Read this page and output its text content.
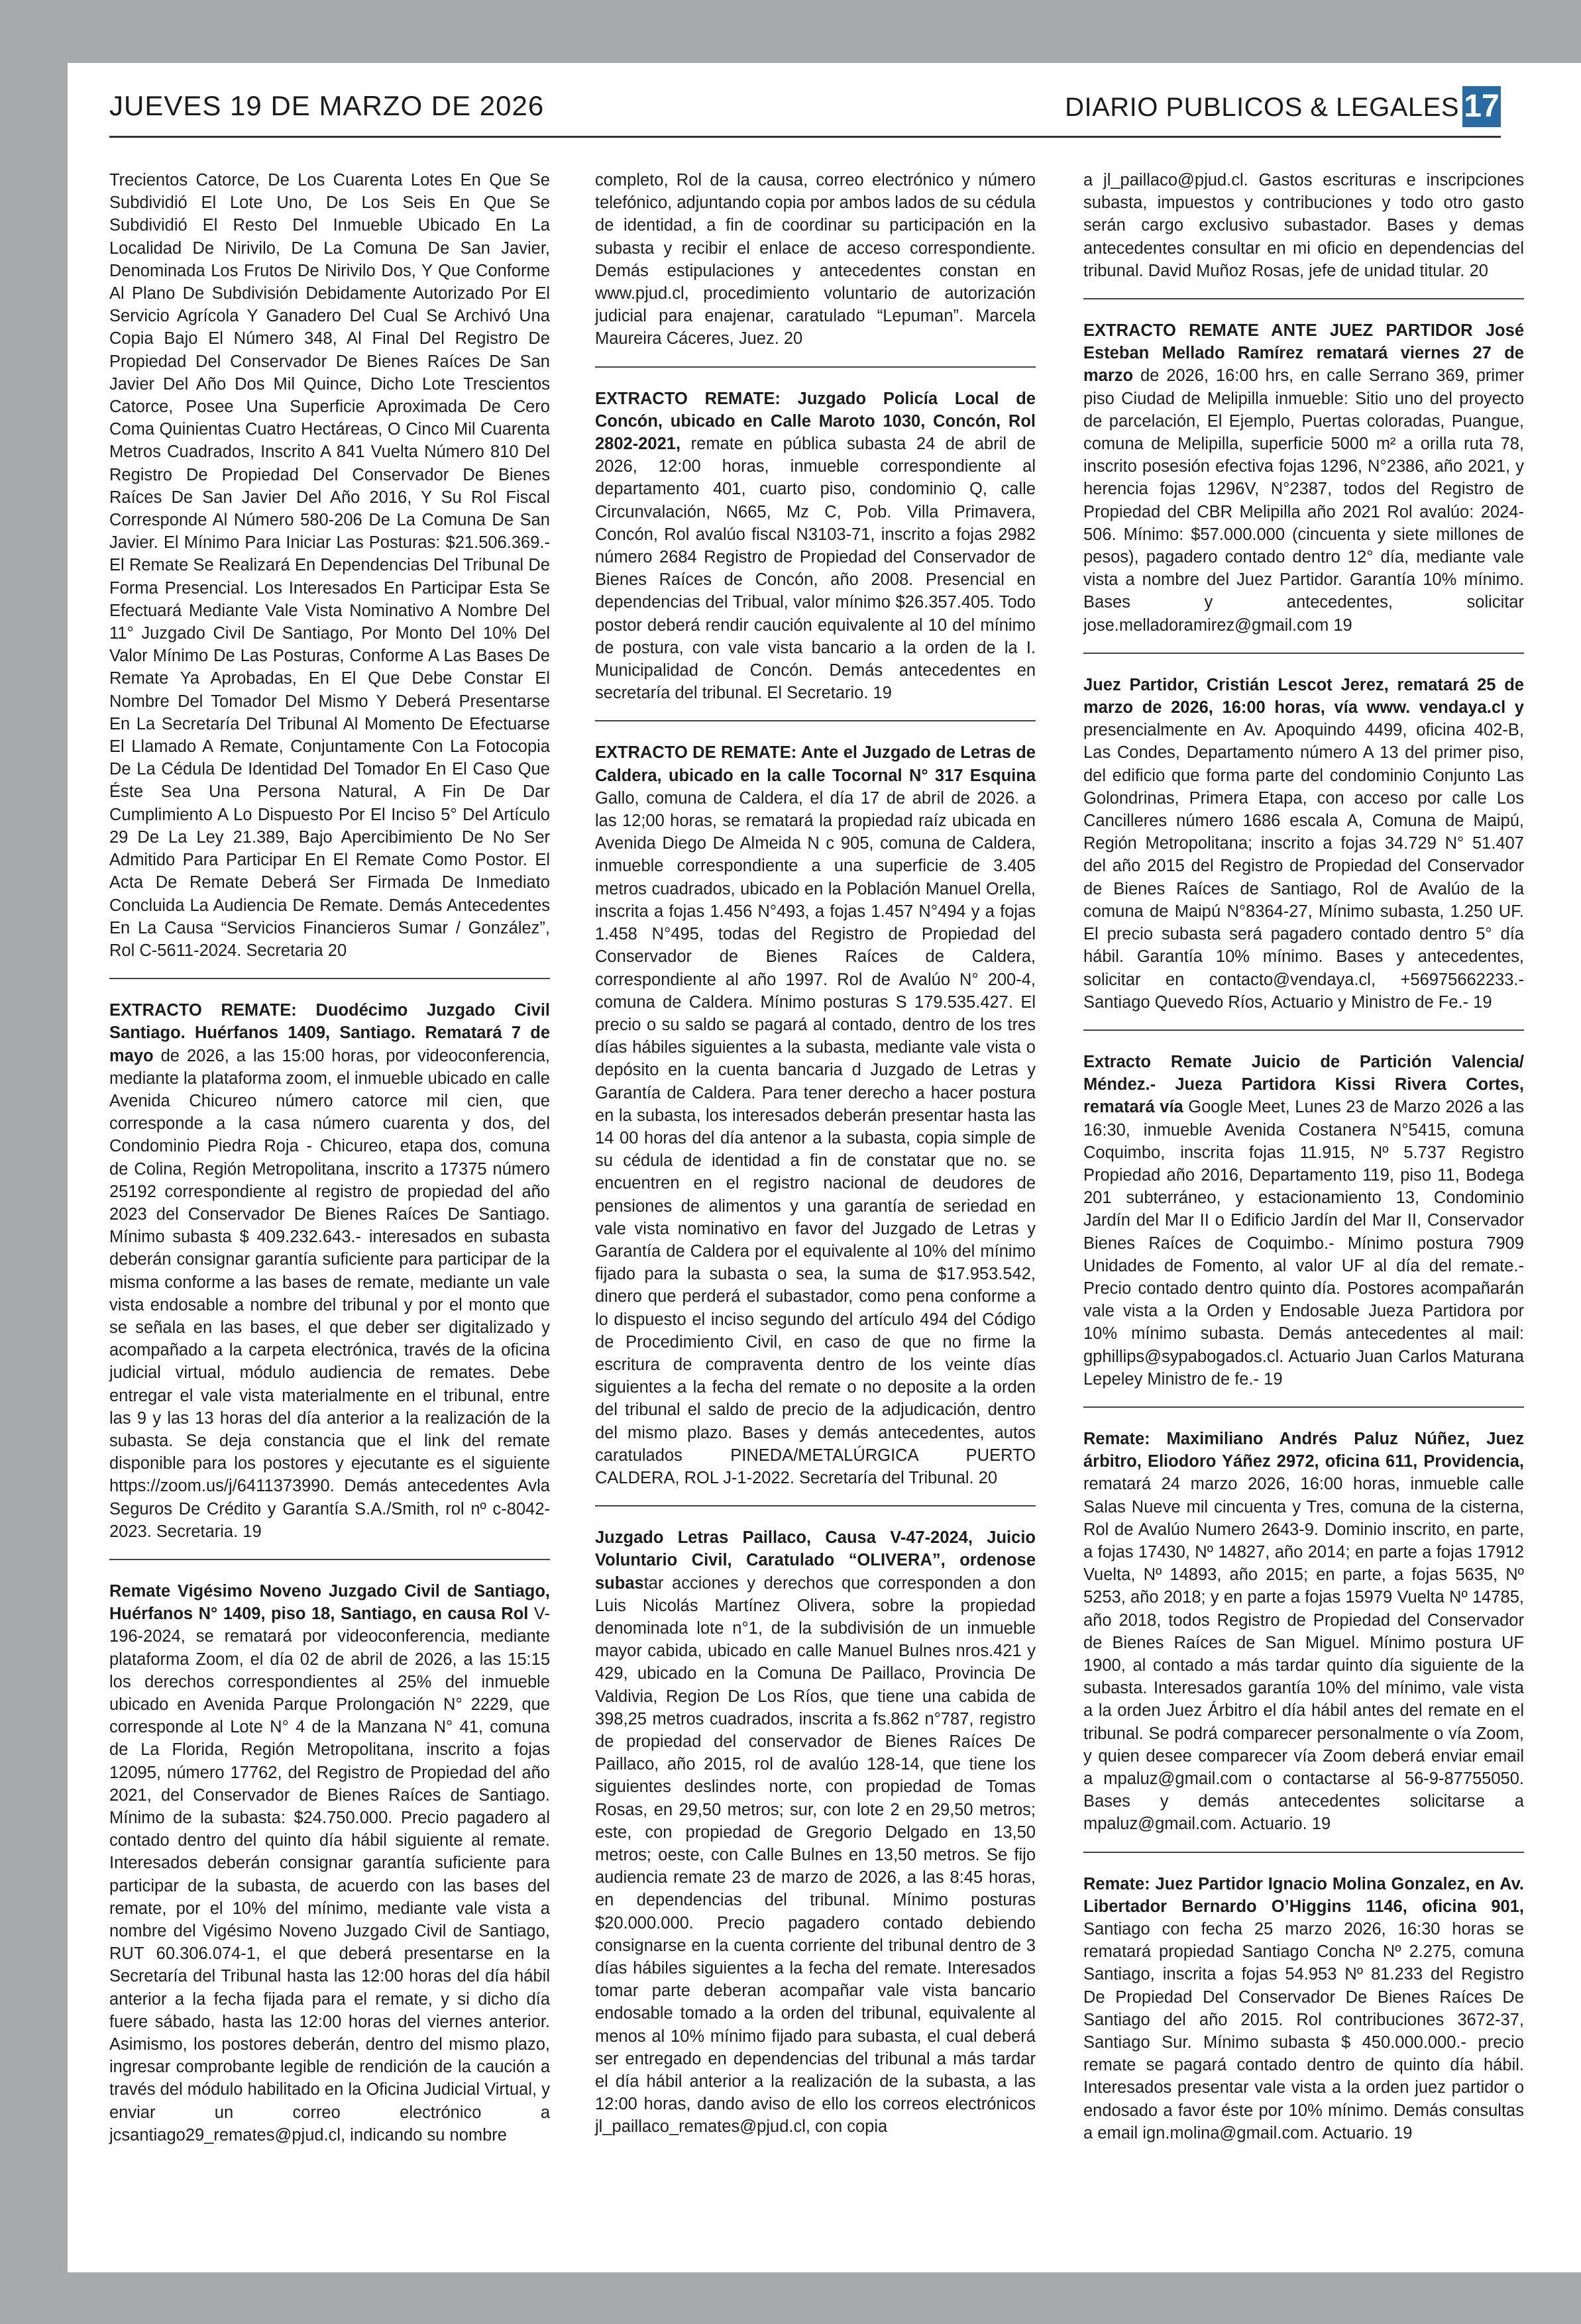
JUEVES 19 DE MARZO DE 2026	DIARIO PUBLICOS & LEGALES 17

Trecientos Catorce, De Los Cuarenta Lotes En Que Se Subdividió El Lote Uno, De Los Seis En Que Se Subdividió El Resto Del Inmueble Ubicado En La Localidad De Nirivilo, De La Comuna De San Javier, Denominada Los Frutos De Nirivilo Dos, Y Que Conforme Al Plano De Subdivisión Debidamente Autorizado Por El Servicio Agrícola Y Ganadero Del Cual Se Archivó Una Copia Bajo El Número 348, Al Final Del Registro De Propiedad Del Conservador De Bienes Raíces De San Javier Del Año Dos Mil Quince, Dicho Lote Trescientos Catorce, Posee Una Superficie Aproximada De Cero Coma Quinientas Cuatro Hectáreas, O Cinco Mil Cuarenta Metros Cuadrados, Inscrito A 841 Vuelta Número 810 Del Registro De Propiedad Del Conservador De Bienes Raíces De San Javier Del Año 2016, Y Su Rol Fiscal Corresponde Al Número 580-206 De La Comuna De San Javier. El Mínimo Para Iniciar Las Posturas: $21.506.369.- El Remate Se Realizará En Dependencias Del Tribunal De Forma Presencial. Los Interesados En Participar Esta Se Efectuará Mediante Vale Vista Nominativo A Nombre Del 11° Juzgado Civil De Santiago, Por Monto Del 10% Del Valor Mínimo De Las Posturas, Conforme A Las Bases De Remate Ya Aprobadas, En El Que Debe Constar El Nombre Del Tomador Del Mismo Y Deberá Presentarse En La Secretaría Del Tribunal Al Momento De Efectuarse El Llamado A Remate, Conjuntamente Con La Fotocopia De La Cédula De Identidad Del Tomador En El Caso Que Éste Sea Una Persona Natural, A Fin De Dar Cumplimiento A Lo Dispuesto Por El Inciso 5° Del Artículo 29 De La Ley 21.389, Bajo Apercibimiento De No Ser Admitido Para Participar En El Remate Como Postor. El Acta De Remate Deberá Ser Firmada De Inmediato Concluida La Audiencia De Remate. Demás Antecedentes En La Causa “Servicios Financieros Sumar / González”, Rol C-5611-2024. Secretaria 20

EXTRACTO REMATE: Duodécimo Juzgado Civil Santiago. Huérfanos 1409, Santiago. Rematará 7 de mayo de 2026, a las 15:00 horas, por videoconferencia, mediante la plataforma zoom, el inmueble ubicado en calle Avenida Chicureo número catorce mil cien, que corresponde a la casa número cuarenta y dos, del Condominio Piedra Roja - Chicureo, etapa dos, comuna de Colina, Región Metropolitana, inscrito a 17375 número 25192 correspondiente al registro de propiedad del año 2023 del Conservador De Bienes Raíces De Santiago. Mínimo subasta $ 409.232.643.- interesados en subasta deberán consignar garantía suficiente para participar de la misma conforme a las bases de remate, mediante un vale vista endosable a nombre del tribunal y por el monto que se señala en las bases, el que deber ser digitalizado y acompañado a la carpeta electrónica, través de la oficina judicial virtual, módulo audiencia de remates. Debe entregar el vale vista materialmente en el tribunal, entre las 9 y las 13 horas del día anterior a la realización de la subasta. Se deja constancia que el link del remate disponible para los postores y ejecutante es el siguiente https://zoom.us/j/6411373990. Demás antecedentes Avla Seguros De Crédito y Garantía S.A./Smith, rol nº c-8042-2023. Secretaria. 19

Remate Vigésimo Noveno Juzgado Civil de Santiago, Huérfanos N° 1409, piso 18, Santiago, en causa Rol V-196-2024, se rematará por videoconferencia, mediante plataforma Zoom, el día 02 de abril de 2026, a las 15:15 los derechos correspondientes al 25% del inmueble ubicado en Avenida Parque Prolongación N° 2229, que corresponde al Lote N° 4 de la Manzana N° 41, comuna de La Florida, Región Metropolitana, inscrito a fojas 12095, número 17762, del Registro de Propiedad del año 2021, del Conservador de Bienes Raíces de Santiago. Mínimo de la subasta: $24.750.000. Precio pagadero al contado dentro del quinto día hábil siguiente al remate. Interesados deberán consignar garantía suficiente para participar de la subasta, de acuerdo con las bases del remate, por el 10% del mínimo, mediante vale vista a nombre del Vigésimo Noveno Juzgado Civil de Santiago, RUT 60.306.074-1, el que deberá presentarse en la Secretaría del Tribunal hasta las 12:00 horas del día hábil anterior a la fecha fijada para el remate, y si dicho día fuere sábado, hasta las 12:00 horas del viernes anterior. Asimismo, los postores deberán, dentro del mismo plazo, ingresar comprobante legible de rendición de la caución a través del módulo habilitado en la Oficina Judicial Virtual, y enviar un correo electrónico a jcsantiago29_remates@pjud.cl, indicando su nombre

completo, Rol de la causa, correo electrónico y número telefónico, adjuntando copia por ambos lados de su cédula de identidad, a fin de coordinar su participación en la subasta y recibir el enlace de acceso correspondiente. Demás estipulaciones y antecedentes constan en www.pjud.cl, procedimiento voluntario de autorización judicial para enajenar, caratulado “Lepuman”. Marcela Maureira Cáceres, Juez. 20

EXTRACTO REMATE: Juzgado Policía Local de Concón, ubicado en Calle Maroto 1030, Concón, Rol 2802-2021, remate en pública subasta 24 de abril de 2026, 12:00 horas, inmueble correspondiente al departamento 401, cuarto piso, condominio Q, calle Circunvalación, N665, Mz C, Pob. Villa Primavera, Concón, Rol avalúo fiscal N3103-71, inscrito a fojas 2982 número 2684 Registro de Propiedad del Conservador de Bienes Raíces de Concón, año 2008. Presencial en dependencias del Tribual, valor mínimo $26.357.405. Todo postor deberá rendir caución equivalente al 10 del mínimo de postura, con vale vista bancario a la orden de la I. Municipalidad de Concón. Demás antecedentes en secretaría del tribunal. El Secretario. 19

EXTRACTO DE REMATE: Ante el Juzgado de Letras de Caldera, ubicado en la calle Tocornal N° 317 Esquina Gallo, comuna de Caldera, el día 17 de abril de 2026. a las 12;00 horas, se rematará la propiedad raíz ubicada en Avenida Diego De Almeida N c 905, comuna de Caldera, inmueble correspondiente a una superficie de 3.405 metros cuadrados, ubicado en la Población Manuel Orella, inscrita a fojas 1.456 N°493, a fojas 1.457 N°494 y a fojas 1.458 N°495, todas del Registro de Propiedad del Conservador de Bienes Raíces de Caldera, correspondiente al año 1997. Rol de Avalúo N° 200-4, comuna de Caldera. Mínimo posturas S 179.535.427. El precio o su saldo se pagará al contado, dentro de los tres días hábiles siguientes a la subasta, mediante vale vista o depósito en la cuenta bancaria d Juzgado de Letras y Garantía de Caldera. Para tener derecho a hacer postura en la subasta, los interesados deberán presentar hasta las 14 00 horas del día antenor a la subasta, copia simple de su cédula de identidad a fin de constatar que no. se encuentren en el registro nacional de deudores de pensiones de alimentos y una garantía de seriedad en vale vista nominativo en favor del Juzgado de Letras y Garantía de Caldera por el equivalente al 10% del mínimo fijado para la subasta o sea, la suma de $17.953.542, dinero que perderá el subastador, como pena conforme a lo dispuesto el inciso segundo del artículo 494 del Código de Procedimiento Civil, en caso de que no firme la escritura de compraventa dentro de los veinte días siguientes a la fecha del remate o no deposite a la orden del tribunal el saldo de precio de la adjudicación, dentro del mismo plazo. Bases y demás antecedentes, autos caratulados PINEDA/METALÚRGICA PUERTO CALDERA, ROL J-1-2022. Secretaría del Tribunal. 20

Juzgado Letras Paillaco, Causa V-47-2024, Juicio Voluntario Civil, Caratulado “OLIVERA”, ordenose subastar acciones y derechos que corresponden a don Luis Nicolás Martínez Olivera, sobre la propiedad denominada lote n°1, de la subdivisión de un inmueble mayor cabida, ubicado en calle Manuel Bulnes nros.421 y 429, ubicado en la Comuna De Paillaco, Provincia De Valdivia, Region De Los Ríos, que tiene una cabida de 398,25 metros cuadrados, inscrita a fs.862 n°787, registro de propiedad del conservador de Bienes Raíces De Paillaco, año 2015, rol de avalúo 128-14, que tiene los siguientes deslindes norte, con propiedad de Tomas Rosas, en 29,50 metros; sur, con lote 2 en 29,50 metros; este, con propiedad de Gregorio Delgado en 13,50 metros; oeste, con Calle Bulnes en 13,50 metros. Se fijo audiencia remate 23 de marzo de 2026, a las 8:45 horas, en dependencias del tribunal. Mínimo posturas $20.000.000. Precio pagadero contado debiendo consignarse en la cuenta corriente del tribunal dentro de 3 días hábiles siguientes a la fecha del remate. Interesados tomar parte deberan acompañar vale vista bancario endosable tomado a la orden del tribunal, equivalente al menos al 10% mínimo fijado para subasta, el cual deberá ser entregado en dependencias del tribunal a más tardar el día hábil anterior a la realización de la subasta, a las 12:00 horas, dando aviso de ello los correos electrónicos jl_paillaco_remates@pjud.cl, con copia

a jl_paillaco@pjud.cl. Gastos escrituras e inscripciones subasta, impuestos y contribuciones y todo otro gasto serán cargo exclusivo subastador. Bases y demas antecedentes consultar en mi oficio en dependencias del tribunal. David Muñoz Rosas, jefe de unidad titular. 20

EXTRACTO REMATE ANTE JUEZ PARTIDOR José Esteban Mellado Ramírez rematará viernes 27 de marzo de 2026, 16:00 hrs, en calle Serrano 369, primer piso Ciudad de Melipilla inmueble: Sitio uno del proyecto de parcelación, El Ejemplo, Puertas coloradas, Puangue, comuna de Melipilla, superficie 5000 m² a orilla ruta 78, inscrito posesión efectiva fojas 1296, N°2386, año 2021, y herencia fojas 1296V, N°2387, todos del Registro de Propiedad del CBR Melipilla año 2021 Rol avalúo: 2024-506. Mínimo: $57.000.000 (cincuenta y siete millones de pesos), pagadero contado dentro 12° día, mediante vale vista a nombre del Juez Partidor. Garantía 10% mínimo. Bases y antecedentes, solicitar jose.melladoramirez@gmail.com 19

Juez Partidor, Cristián Lescot Jerez, rematará 25 de marzo de 2026, 16:00 horas, vía www. vendaya.cl y presencialmente en Av. Apoquindo 4499, oficina 402-B, Las Condes, Departamento número A 13 del primer piso, del edificio que forma parte del condominio Conjunto Las Golondrinas, Primera Etapa, con acceso por calle Los Cancilleres número 1686 escala A, Comuna de Maipú, Región Metropolitana; inscrito a fojas 34.729 N° 51.407 del año 2015 del Registro de Propiedad del Conservador de Bienes Raíces de Santiago, Rol de Avalúo de la comuna de Maipú N°8364-27, Mínimo subasta, 1.250 UF. El precio subasta será pagadero contado dentro 5° día hábil. Garantía 10% mínimo. Bases y antecedentes, solicitar en contacto@vendaya.cl, +56975662233.- Santiago Quevedo Ríos, Actuario y Ministro de Fe.- 19

Extracto Remate Juicio de Partición Valencia/ Méndez.- Jueza Partidora Kissi Rivera Cortes, rematará vía Google Meet, Lunes 23 de Marzo 2026 a las 16:30, inmueble Avenida Costanera N°5415, comuna Coquimbo, inscrita fojas 11.915, Nº 5.737 Registro Propiedad año 2016, Departamento 119, piso 11, Bodega 201 subterráneo, y estacionamiento 13, Condominio Jardín del Mar II o Edificio Jardín del Mar II, Conservador Bienes Raíces de Coquimbo.- Mínimo postura 7909 Unidades de Fomento, al valor UF al día del remate.- Precio contado dentro quinto día. Postores acompañarán vale vista a la Orden y Endosable Jueza Partidora por 10% mínimo subasta. Demás antecedentes al mail: gphillips@sypabogados.cl. Actuario Juan Carlos Maturana Lepeley Ministro de fe.- 19

Remate: Maximiliano Andrés Paluz Núñez, Juez árbitro, Eliodoro Yáñez 2972, oficina 611, Providencia, rematará 24 marzo 2026, 16:00 horas, inmueble calle Salas Nueve mil cincuenta y Tres, comuna de la cisterna, Rol de Avalúo Numero 2643-9. Dominio inscrito, en parte, a fojas 17430, Nº 14827, año 2014; en parte a fojas 17912 Vuelta, Nº 14893, año 2015; en parte, a fojas 5635, Nº 5253, año 2018; y en parte a fojas 15979 Vuelta Nº 14785, año 2018, todos Registro de Propiedad del Conservador de Bienes Raíces de San Miguel. Mínimo postura UF 1900, al contado a más tardar quinto día siguiente de la subasta. Interesados garantía 10% del mínimo, vale vista a la orden Juez Árbitro el día hábil antes del remate en el tribunal. Se podrá comparecer personalmente o vía Zoom, y quien desee comparecer vía Zoom deberá enviar email a mpaluz@gmail.com o contactarse al 56-9-87755050. Bases y demás antecedentes solicitarse a mpaluz@gmail.com. Actuario. 19

Remate: Juez Partidor Ignacio Molina Gonzalez, en Av. Libertador Bernardo O’Higgins 1146, oficina 901, Santiago con fecha 25 marzo 2026, 16:30 horas se rematará propiedad Santiago Concha Nº 2.275, comuna Santiago, inscrita a fojas 54.953 Nº 81.233 del Registro De Propiedad Del Conservador De Bienes Raíces De Santiago del año 2015. Rol contribuciones 3672-37, Santiago Sur. Mínimo subasta $ 450.000.000.- precio remate se pagará contado dentro de quinto día hábil. Interesados presentar vale vista a la orden juez partidor o endosado a favor éste por 10% mínimo. Demás consultas a email ign.molina@gmail.com. Actuario. 19
